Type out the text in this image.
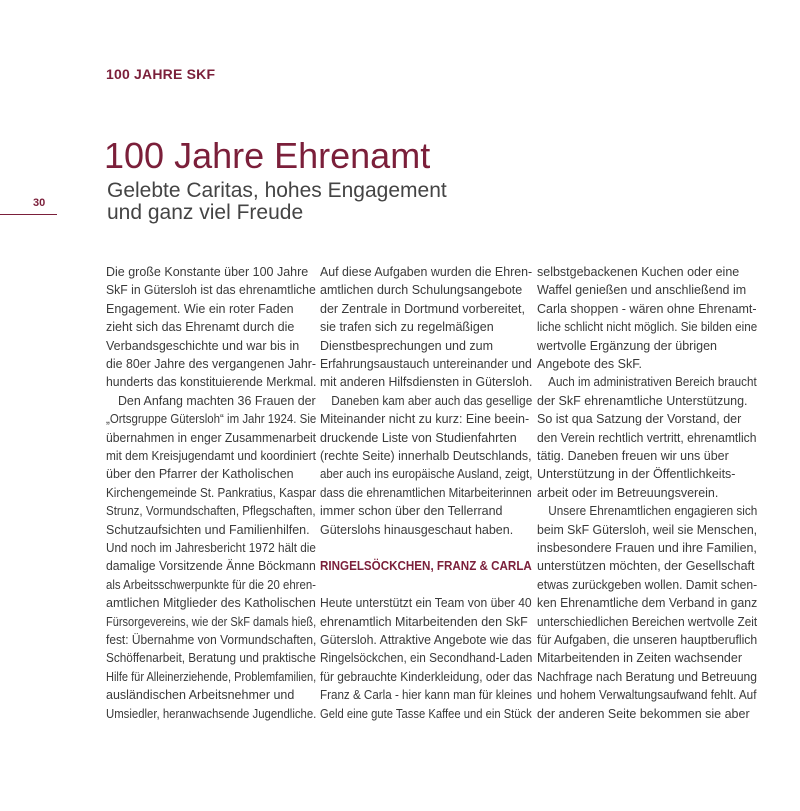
100 JAHRE SKF
30
100 Jahre Ehrenamt
Gelebte Caritas, hohes Engagement
und ganz viel Freude
Die große Konstante über 100 Jahre
SkF in Gütersloh ist das ehrenamtliche
Engagement. Wie ein roter Faden
zieht sich das Ehrenamt durch die
Verbandsgeschichte und war bis in
die 80er Jahre des vergangenen Jahr- hunderts das konstituierende Merkmal. Den Anfang machten 36 Frauen der „Ortsgruppe Gütersloh“ im Jahr 1924. Sie übernahmen in enger Zusammenarbeit mit dem Kreisjugendamt und koordiniert
über den Pfarrer der Katholischen
Kirchengemeinde St. Pankratius, Kaspar Strunz, Vormundschaften, Pflegschaften,
Schutzaufsichten und Familienhilfen.
Und noch im Jahresbericht 1972 hält die damalige Vorsitzende Änne Böckmann als Arbeitsschwerpunkte für die 20 ehren-
amtlichen Mitglieder des Katholischen
Fürsorgevereins, wie der SkF damals hieß, fest: Übernahme von Vormundschaften, Schöffenarbeit, Beratung und praktische Hilfe für Alleinerziehende, Problemfamilien,
ausländischen Arbeitsnehmer und
Umsiedler, heranwachsende Jugendliche.
Auf diese Aufgaben wurden die Ehren-
amtlichen durch Schulungsangebote
der Zentrale in Dortmund vorbereitet,
sie trafen sich zu regelmäßigen
Dienstbesprechungen und zum
Erfahrungsaustauch untereinander und mit anderen Hilfsdiensten in Gütersloh. Daneben kam aber auch das gesellige
Miteinander nicht zu kurz: Eine beein-
druckende Liste von Studienfahrten
(rechte Seite) innerhalb Deutschlands, aber auch ins europäische Ausland, zeigt, dass die ehrenamtlichen Mitarbeiterinnen
immer schon über den Tellerrand
Güterslohs hinausgeschaut haben.
RINGELSÖCKCHEN, FRANZ & CARLA
Heute unterstützt ein Team von über 40
ehrenamtlich Mitarbeitenden den SkF
Gütersloh. Attraktive Angebote wie das Ringelsöckchen, ein Secondhand-Laden für gebrauchte Kinderkleidung, oder das Franz & Carla - hier kann man für kleines Geld eine gute Tasse Kaffee und ein Stück
selbstgebackenen Kuchen oder eine
Waffel genießen und anschließend im
Carla shoppen - wären ohne Ehrenamt-
liche schlicht nicht möglich. Sie bilden eine
wertvolle Ergänzung der übrigen
Angebote des SkF.
Auch im administrativen Bereich braucht
der SkF ehrenamtliche Unterstützung.
So ist qua Satzung der Vorstand, der
den Verein rechtlich vertritt, ehrenamtlich
tätig. Daneben freuen wir uns über
Unterstützung in der Öffentlichkeits-
arbeit oder im Betreuungsverein.
Unsere Ehrenamtlichen engagieren sich beim SkF Gütersloh, weil sie Menschen, insbesondere Frauen und ihre Familien,
unterstützen möchten, der Gesellschaft
etwas zurückgeben wollen. Damit schen- ken Ehrenamtliche dem Verband in ganz unterschiedlichen Bereichen wertvolle Zeit für Aufgaben, die unseren hauptberuflich
Mitarbeitenden in Zeiten wachsender
Nachfrage nach Beratung und Betreuung und hohem Verwaltungsaufwand fehlt. Auf
der anderen Seite bekommen sie aber
